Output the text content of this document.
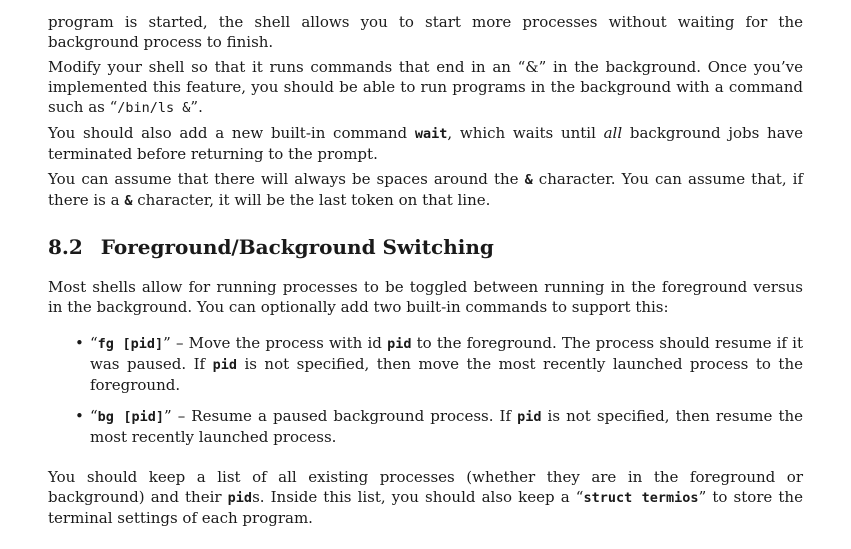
program is started, the shell allows you to start more processes without waiting for the background process to finish.

Modify your shell so that it runs commands that end in an “&” in the background. Once you’ve implemented this feature, you should be able to run programs in the background with a command such as “/bin/ls &”.

You should also add a new built-in command wait, which waits until all background jobs have terminated before returning to the prompt.

You can assume that there will always be spaces around the & character. You can assume that, if there is a & character, it will be the last token on that line.

8.2 Foreground/Background Switching

Most shells allow for running processes to be toggled between running in the foreground versus in the background. You can optionally add two built-in commands to support this:

• “fg [pid]” – Move the process with id pid to the foreground. The process should resume if it was paused. If pid is not specified, then move the most recently launched process to the foreground.
• “bg [pid]” – Resume a paused background process. If pid is not specified, then resume the most recently launched process.

You should keep a list of all existing processes (whether they are in the foreground or background) and their pids. Inside this list, you should also keep a “struct termios” to store the terminal settings of each program.
